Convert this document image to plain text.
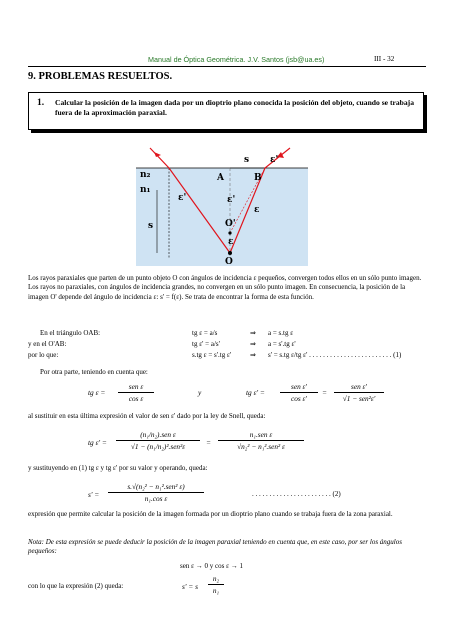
Manual de Óptica Geométrica. J.V. Santos (jsb@ua.es)	III - 32
9. PROBLEMAS RESUELTOS.
1. Calcular la posición de la imagen dada por un dioptrio plano conocida la posición del objeto, cuando se trabaja fuera de la aproximación paraxial.
n₂
n₁
A	B
s ε'
ε'
s
ε'
ε
O'
ε
O
Los rayos paraxiales que parten de un punto objeto O con ángulos de incidencia ε pequeños, convergen todos ellos en un sólo punto imagen. Los rayos no paraxiales, con ángulos de incidencia grandes, no convergen en un sólo punto imagen. En consecuencia, la posición de la imagen O' depende del ángulo de incidencia ε: s' = f(ε). Se trata de encontrar la forma de esta función.
En el triángulo OAB:	tg ε = a/s	⇒ a = s.tg ε
y en el O'AB:	tg ε' = a/s'	⇒ a = s'.tg ε'
por lo que:	s.tg ε = s'.tg ε'	⇒ s' = s.tg ε/tg ε' . . . . . . . . . . . . . . . . . . . . . . . . (1)
Por otra parte, teniendo en cuenta que:
tg ε =
sen ε
cos ε
y	tg ε' =
sen ε'
cos ε'
=
sen ε'
√1 − sen²ε'
al sustituir en esta última expresión el valor de sen ε' dado por la ley de Snell, queda:
tg ε' =
(n₁/n₂).sen ε
√1 − (n₁/n₂)².sen²ε	=
n₁.sen ε
√n₂² − n₁².sen² ε
y sustituyendo en (1) tg ε y tg ε' por su valor y operando, queda:
s' =
s.√(n₂² − n₁².sen² ε)
n₁.cos ε	. . . . . . . . . . . . . . . . . . . . . . . (2)
expresión que permite calcular la posición de la imagen formada por un dioptrio plano cuando se trabaja fuera de la zona paraxial.
Nota: De esta expresión se puede deducir la posición de la imagen paraxial teniendo en cuenta que, en este caso, por ser los ángulos pequeños:
sen ε → 0 y cos ε → 1
con lo que la expresión (2) queda:	s' = s
n₂
n₁
